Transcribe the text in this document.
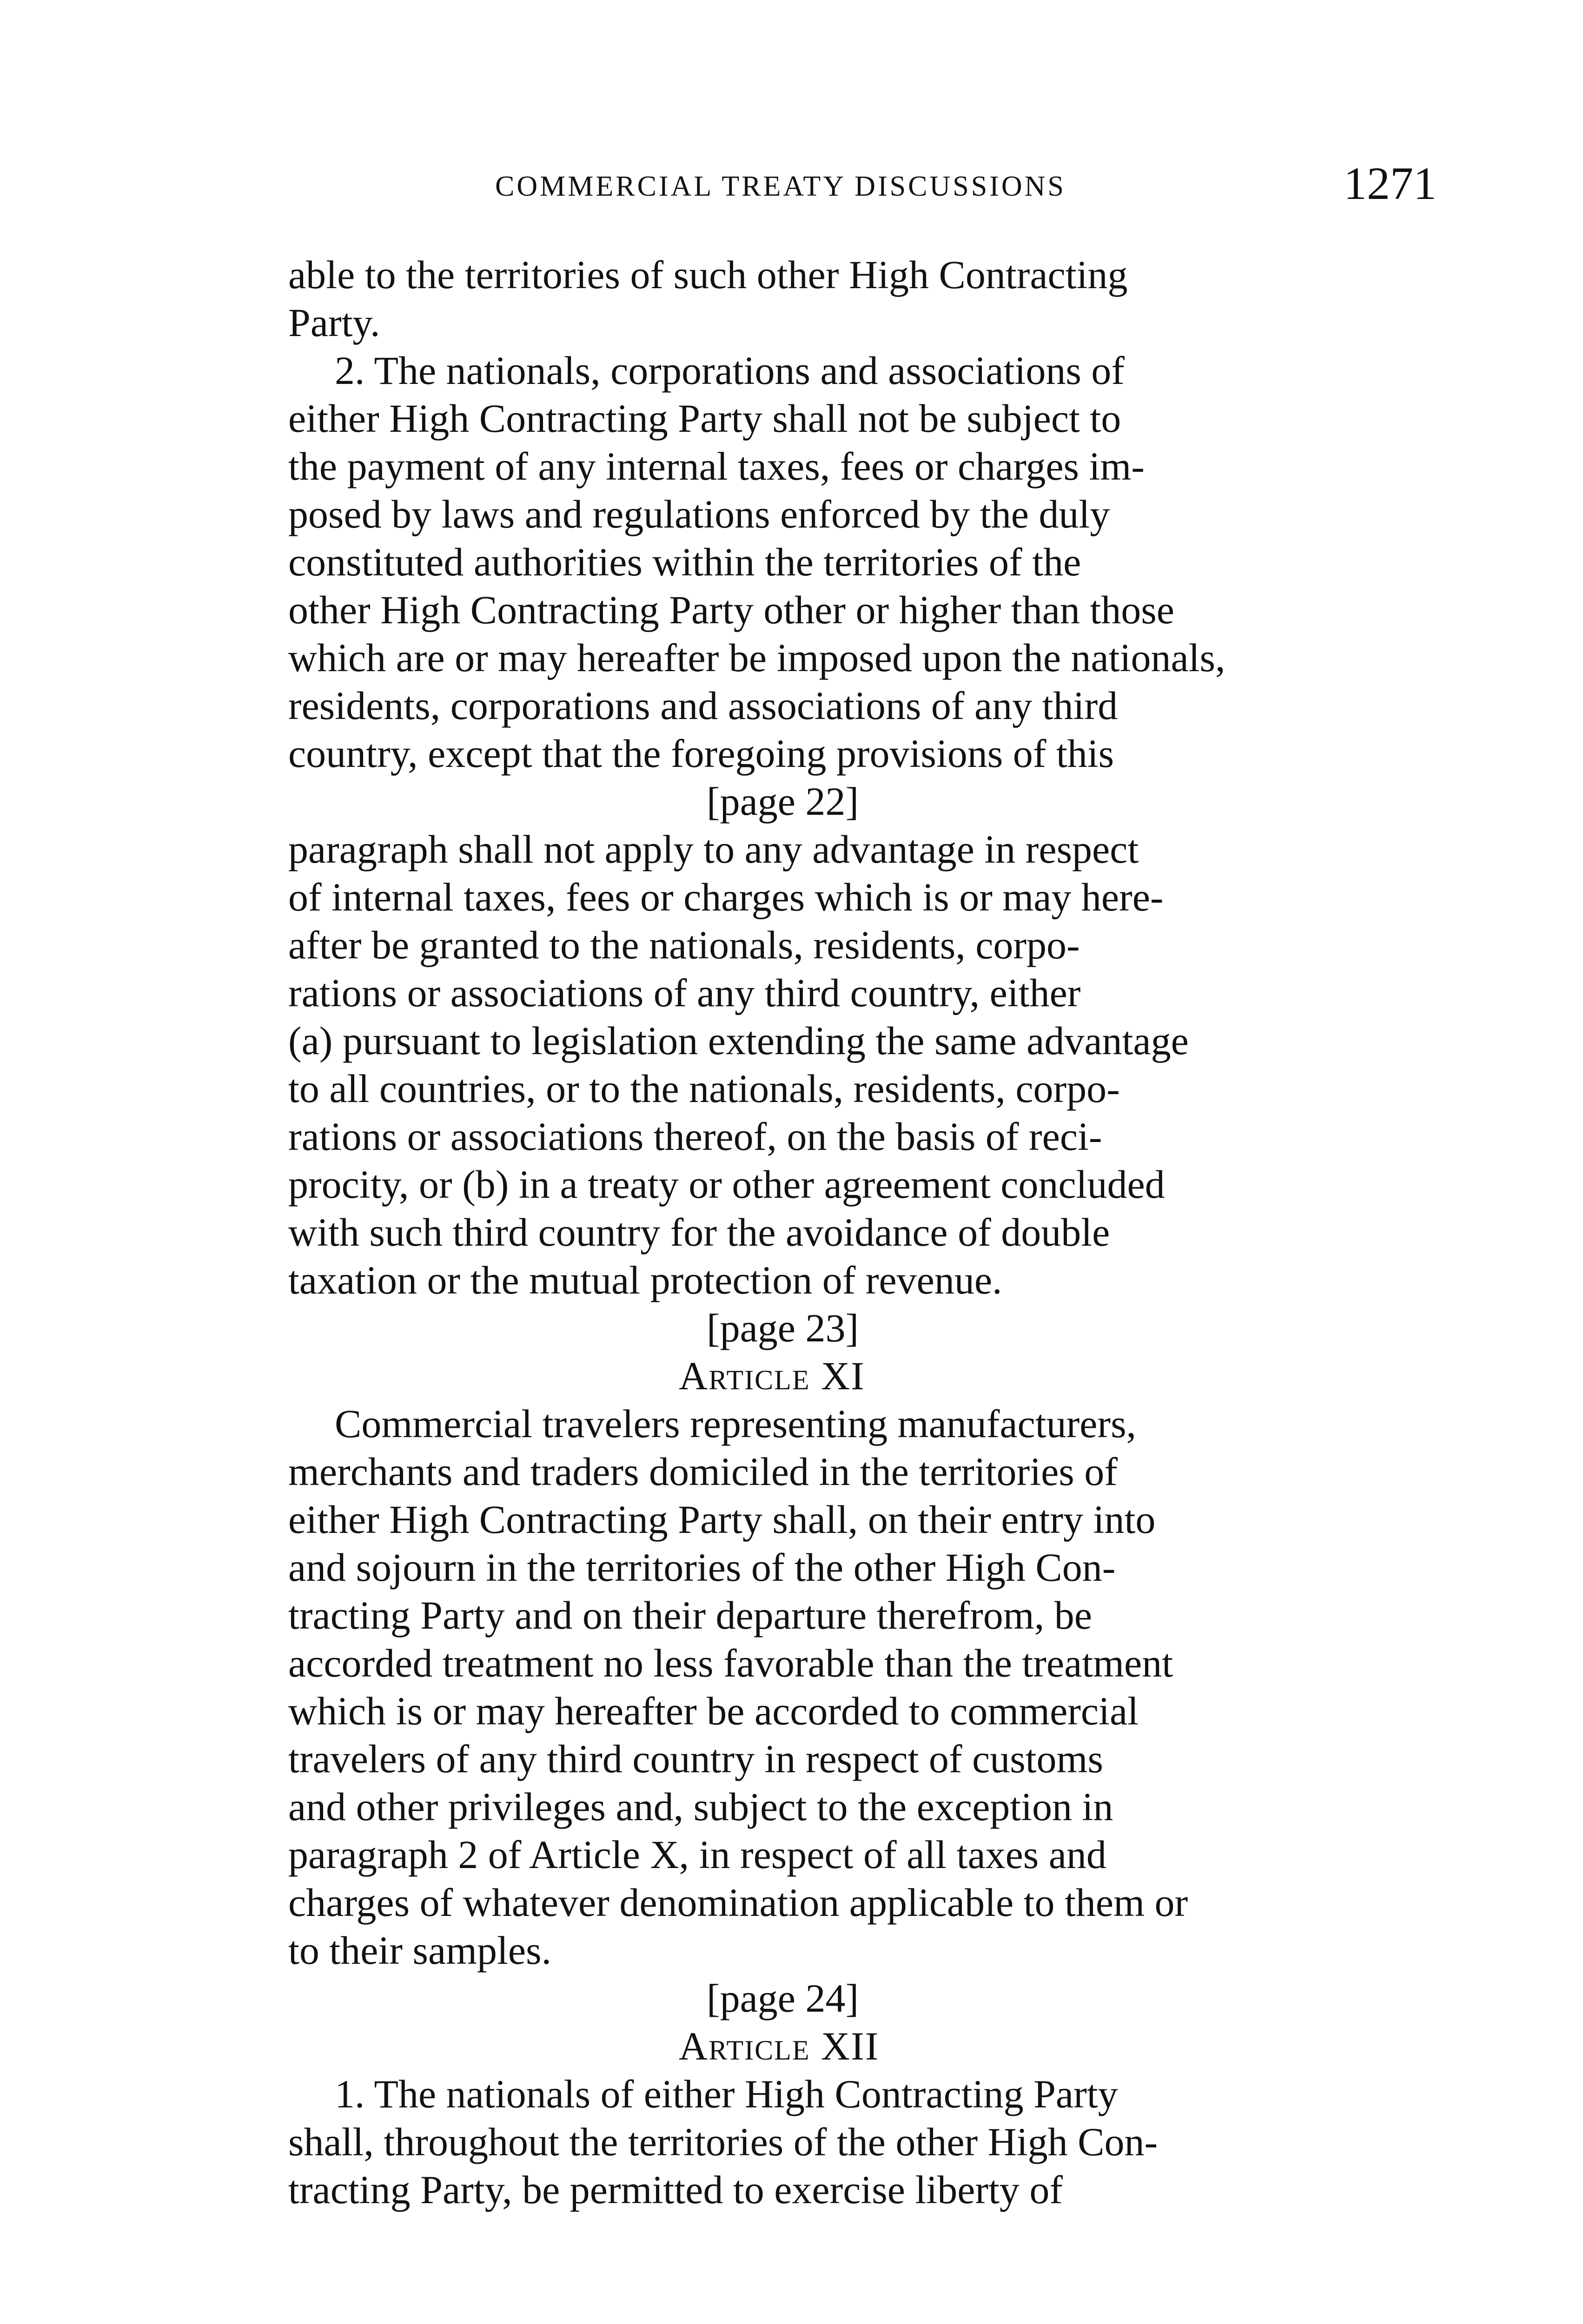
COMMERCIAL TREATY DISCUSSIONS	1271
able to the territories of such other High Contracting
Party.
2. The nationals, corporations and associations of
either High Contracting Party shall not be subject to
the payment of any internal taxes, fees or charges im-
posed by laws and regulations enforced by the duly
constituted authorities within the territories of the
other High Contracting Party other or higher than those
which are or may hereafter be imposed upon the nationals,
residents, corporations and associations of any third
country, except that the foregoing provisions of this
[page 22]
paragraph shall not apply to any advantage in respect
of internal taxes, fees or charges which is or may here-
after be granted to the nationals, residents, corpo-
rations or associations of any third country, either
(a) pursuant to legislation extending the same advantage
to all countries, or to the nationals, residents, corpo-
rations or associations thereof, on the basis of reci-
procity, or (b) in a treaty or other agreement concluded
with such third country for the avoidance of double
taxation or the mutual protection of revenue.
[page 23]
Article XI
Commercial travelers representing manufacturers,
merchants and traders domiciled in the territories of
either High Contracting Party shall, on their entry into
and sojourn in the territories of the other High Con-
tracting Party and on their departure therefrom, be
accorded treatment no less favorable than the treatment
which is or may hereafter be accorded to commercial
travelers of any third country in respect of customs
and other privileges and, subject to the exception in
paragraph 2 of Article X, in respect of all taxes and
charges of whatever denomination applicable to them or
to their samples.
[page 24]
Article XII
1. The nationals of either High Contracting Party
shall, throughout the territories of the other High Con-
tracting Party, be permitted to exercise liberty of
